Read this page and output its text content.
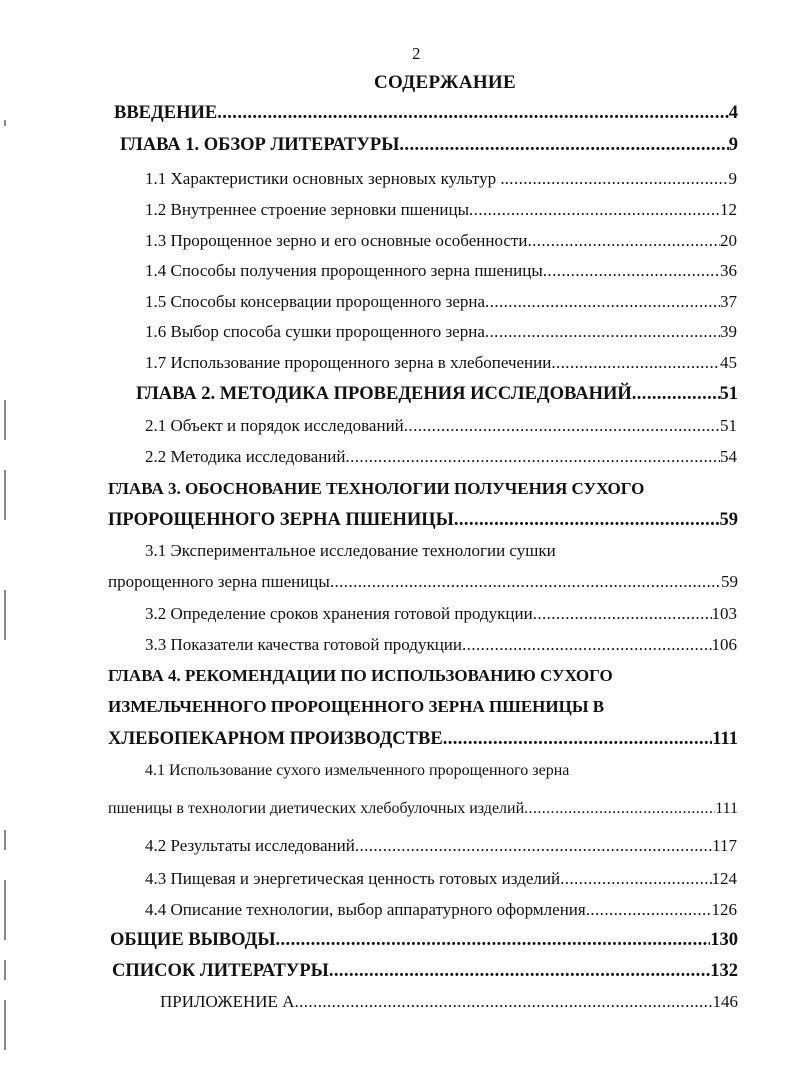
2
СОДЕРЖАНИЕ
ВВЕДЕНИЕ .....	4
ГЛАВА 1. ОБЗОР ЛИТЕРАТУРЫ .....	9
1.1 Характеристики основных зерновых культур . .....	9
1.2 Внутреннее строение зерновки пшеницы .....	12
1.3 Пророщенное зерно и его основные особенности .....	20
1.4 Способы получения пророщенного зерна пшеницы .....	36
1.5 Способы консервации пророщенного зерна .....	37
1.6 Выбор способа сушки пророщенного зерна .....	39
1.7 Использование пророщенного зерна в хлебопечении .....	45
ГЛАВА 2. МЕТОДИКА ПРОВЕДЕНИЯ ИССЛЕДОВАНИЙ .....	51
2.1 Объект и порядок исследований .....	51
2.2 Методика исследований .....	54
ГЛАВА 3. ОБОСНОВАНИЕ ТЕХНОЛОГИИ ПОЛУЧЕНИЯ СУХОГО
ПРОРОЩЕННОГО ЗЕРНА ПШЕНИЦЫ .....	59
3.1 Экспериментальное исследование технологии сушки
пророщенного зерна пшеницы .....	59
3.2 Определение сроков хранения готовой продукции .....	103
3.3 Показатели качества готовой продукции .....	106
ГЛАВА 4. РЕКОМЕНДАЦИИ ПО ИСПОЛЬЗОВАНИЮ СУХОГО
ИЗМЕЛЬЧЕННОГО ПРОРОЩЕННОГО ЗЕРНА ПШЕНИЦЫ В
ХЛЕБОПЕКАРНОМ ПРОИЗВОДСТВЕ .....	111
4.1 Использование сухого измельченного пророщенного зерна
пшеницы в технологии диетических хлебобулочных изделий .....	111
4.2 Результаты исследований .....	117
4.3 Пищевая и энергетическая ценность готовых изделий .....	124
4.4 Описание технологии, выбор аппаратурного оформления .....	126
ОБЩИЕ ВЫВОДЫ .....	130
СПИСОК ЛИТЕРАТУРЫ .....	132
ПРИЛОЖЕНИЕ А .....	146
